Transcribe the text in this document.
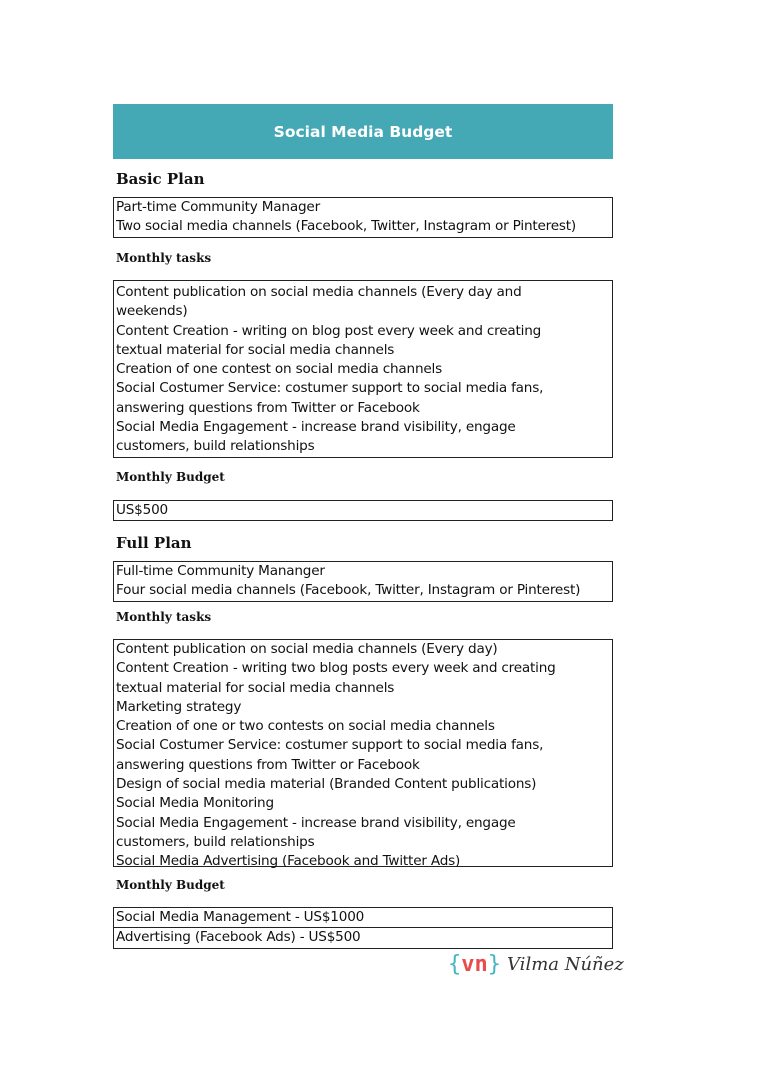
Social Media Budget
Basic Plan
Part-time Community Manager
Two social media channels (Facebook, Twitter, Instagram or Pinterest)
Monthly tasks
Content publication on social media channels (Every day and
weekends)
Content Creation - writing on blog post every week and creating
textual material for social media channels
Creation of one contest on social media channels
Social Costumer Service: costumer support to social media fans,
answering questions from Twitter or Facebook
Social Media Engagement - increase brand visibility, engage
customers, build relationships
Monthly Budget
US$500
Full Plan
Full-time Community Mananger
Four social media channels (Facebook, Twitter, Instagram or Pinterest)
Monthly tasks
Content publication on social media channels (Every day)
Content Creation - writing two blog posts every week and creating
textual material for social media channels
Marketing strategy
Creation of one or two contests on social media channels
Social Costumer Service: costumer support to social media fans,
answering questions from Twitter or Facebook
Design of social media material (Branded Content publications)
Social Media Monitoring
Social Media Engagement - increase brand visibility, engage
customers, build relationships
Social Media Advertising (Facebook and Twitter Ads)
Monthly Budget
Social Media Management - US$1000
Advertising (Facebook Ads) - US$500
{vn} Vilma Núñez
